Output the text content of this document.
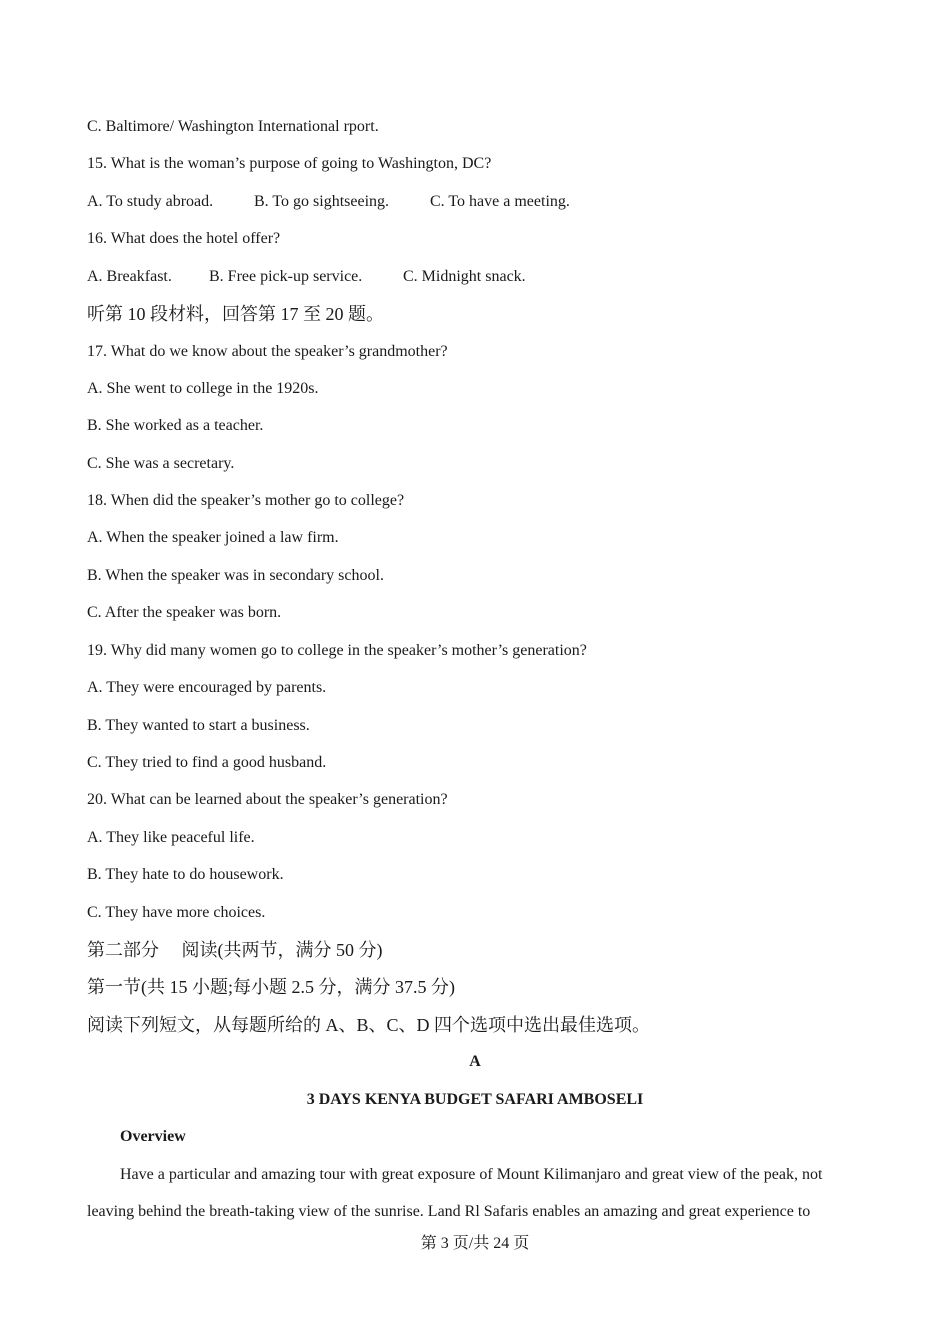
C. Baltimore/ Washington International rport.
15. What is the woman’s purpose of going to Washington, DC?
A. To study abroad.	B. To go sightseeing.	C. To have a meeting.
16. What does the hotel offer?
A. Breakfast. B. Free pick-up service.	C. Midnight snack.
听第 10 段材料，回答第 17 至 20 题。
17. What do we know about the speaker’s grandmother?
A. She went to college in the 1920s.
B. She worked as a teacher.
C. She was a secretary.
18. When did the speaker’s mother go to college?
A. When the speaker joined a law firm.
B. When the speaker was in secondary school.
C. After the speaker was born.
19. Why did many women go to college in the speaker’s mother’s generation?
A. They were encouraged by parents.
B. They wanted to start a business.
C. They tried to find a good husband.
20. What can be learned about the speaker’s generation?
A. They like peaceful life.
B. They hate to do housework.
C. They have more choices.
第二部分　 阅读(共两节，满分 50 分)
第一节(共 15 小题;每小题 2.5 分，满分 37.5 分)
阅读下列短文，从每题所给的 A、B、C、D 四个选项中选出最佳选项。
A
3 DAYS KENYA BUDGET SAFARI AMBOSELI
Overview
Have a particular and amazing tour with great exposure of Mount Kilimanjaro and great view of the peak, not
leaving behind the breath-taking view of the sunrise. Land Rl Safaris enables an amazing and great experience to
第 3 页/共 24 页
